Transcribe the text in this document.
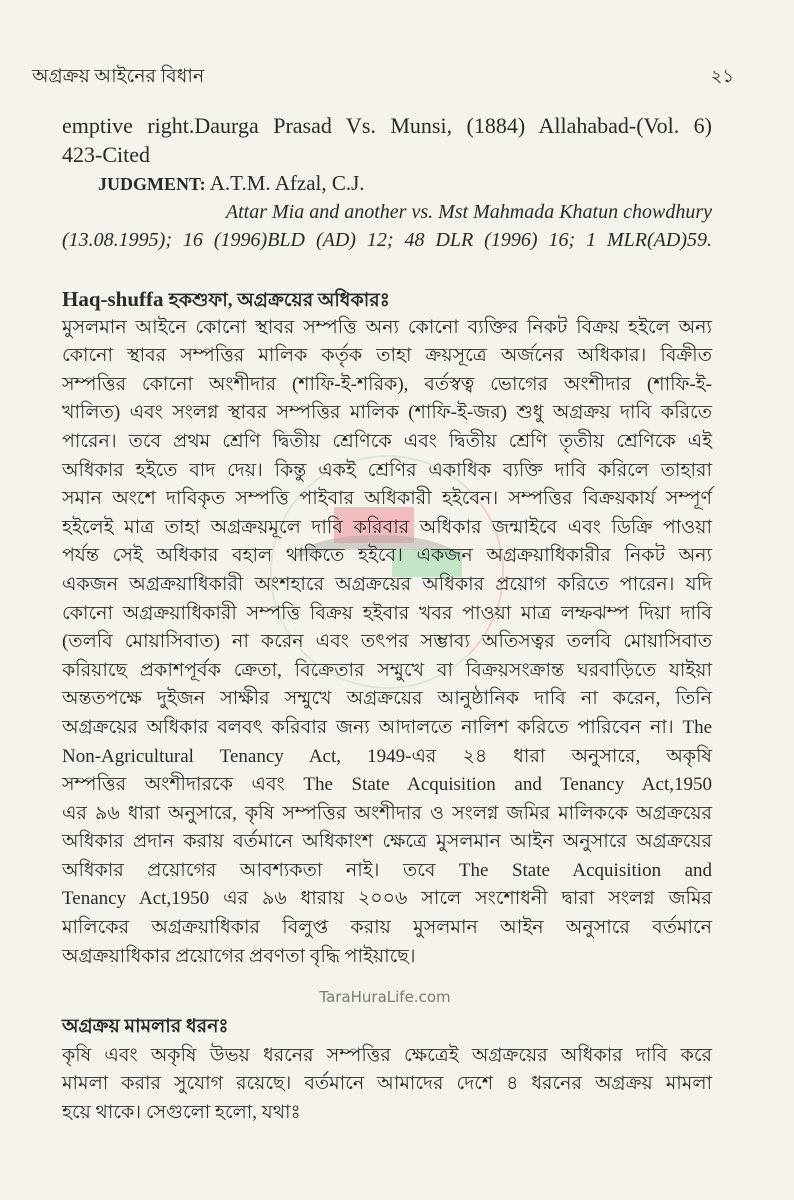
TaraHuraLife.com
অগ্রক্রয় আইনের বিধান	২১
emptive right.Daurga Prasad Vs. Munsi, (1884) Allahabad-(Vol. 6)
423-Cited
JUDGMENT: A.T.M. Afzal, C.J.
Attar Mia and another vs. Mst Mahmada Khatun chowdhury
(13.08.1995); 16 (1996)BLD (AD) 12; 48 DLR (1996) 16; 1 MLR(AD)59.
Haq-shuffa হকশুফা, অগ্রক্রয়ের অধিকারঃ
মুসলমান আইনে কোনো স্থাবর সম্পত্তি অন্য কোনো ব্যক্তির নিকট বিক্রয় হইলে অন্য
কোনো স্থাবর সম্পত্তির মালিক কর্তৃক তাহা ক্রয়সূত্রে অর্জনের অধিকার। বিক্রীত
সম্পত্তির কোনো অংশীদার (শাফি-ই-শরিক), বর্তস্বত্ব ভোগের অংশীদার (শাফি-ই-
খালিত) এবং সংলগ্ন স্থাবর সম্পত্তির মালিক (শাফি-ই-জর) শুধু অগ্রক্রয় দাবি করিতে
পারেন। তবে প্রথম শ্রেণি দ্বিতীয় শ্রেণিকে এবং দ্বিতীয় শ্রেণি তৃতীয় শ্রেণিকে এই
অধিকার হইতে বাদ দেয়। কিন্তু একই শ্রেণির একাধিক ব্যক্তি দাবি করিলে তাহারা
সমান অংশে দাবিকৃত সম্পত্তি পাইবার অধিকারী হইবেন। সম্পত্তির বিক্রয়কার্য সম্পূর্ণ
হইলেই মাত্র তাহা অগ্রক্রয়মূলে দাবি করিবার অধিকার জন্মাইবে এবং ডিক্রি পাওয়া
পর্যন্ত সেই অধিকার বহাল থাকিতে হইবে। একজন অগ্রক্রয়াধিকারীর নিকট অন্য
একজন অগ্রক্রয়াধিকারী অংশহারে অগ্রক্রয়ের অধিকার প্রয়োগ করিতে পারেন। যদি
কোনো অগ্রক্রয়াধিকারী সম্পত্তি বিক্রয় হইবার খবর পাওয়া মাত্র লম্ফঝম্প দিয়া দাবি
(তলবি মোয়াসিবাত) না করেন এবং তৎপর সম্ভাব্য অতিসত্বর তলবি মোয়াসিবাত
করিয়াছে প্রকাশপূর্বক ক্রেতা, বিক্রেতার সম্মুখে বা বিক্রয়সংক্রান্ত ঘরবাড়িতে যাইয়া
অন্ততপক্ষে দুইজন সাক্ষীর সম্মুখে অগ্রক্রয়ের আনুষ্ঠানিক দাবি না করেন, তিনি
অগ্রক্রয়ের অধিকার বলবৎ করিবার জন্য আদালতে নালিশ করিতে পারিবেন না। The
Non-Agricultural Tenancy Act, 1949-এর ২৪ ধারা অনুসারে, অকৃষি
সম্পত্তির অংশীদারকে এবং The State Acquisition and Tenancy Act,1950
এর ৯৬ ধারা অনুসারে, কৃষি সম্পত্তির অংশীদার ও সংলগ্ন জমির মালিককে অগ্রক্রয়ের
অধিকার প্রদান করায় বর্তমানে অধিকাংশ ক্ষেত্রে মুসলমান আইন অনুসারে অগ্রক্রয়ের
অধিকার প্রয়োগের আবশ্যকতা নাই। তবে The State Acquisition and
Tenancy Act,1950 এর ৯৬ ধারায় ২০০৬ সালে সংশোধনী দ্বারা সংলগ্ন জমির
মালিকের অগ্রক্রয়াধিকার বিলুপ্ত করায় মুসলমান আইন অনুসারে বর্তমানে
অগ্রক্রয়াধিকার প্রয়োগের প্রবণতা বৃদ্ধি পাইয়াছে।
অগ্রক্রয় মামলার ধরনঃ
কৃষি এবং অকৃষি উভয় ধরনের সম্পত্তির ক্ষেত্রেই অগ্রক্রয়ের অধিকার দাবি করে
মামলা করার সুযোগ রয়েছে। বর্তমানে আমাদের দেশে ৪ ধরনের অগ্রক্রয় মামলা
হয়ে থাকে। সেগুলো হলো, যথাঃ
